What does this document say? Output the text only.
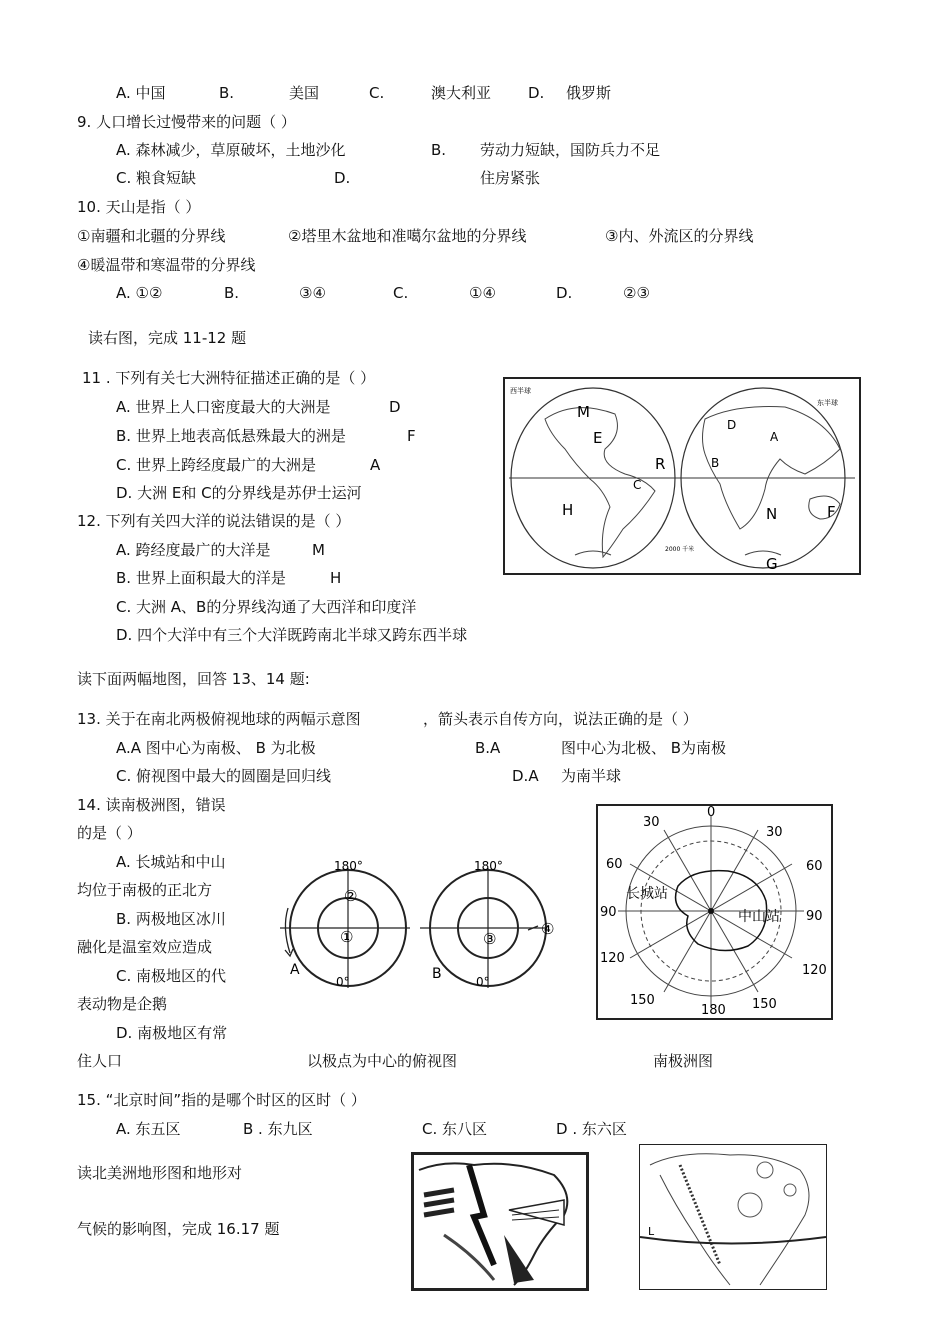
A. 中国	B.	美国	C.	澳大利亚 D. 俄罗斯
9. 人口增长过慢带来的问题（ ）
A. 森林减少，草原破坏，土地沙化	B. 劳动力短缺，国防兵力不足
C. 粮食短缺	D.	住房紧张
10. 天山是指（ ）
①南疆和北疆的分界线	②塔里木盆地和准噶尔盆地的分界线	③内、外流区的分界线
④暖温带和寒温带的分界线
A. ①②	B.	③④	C.	①④	D.	②③
读右图，完成 11-12 题
11 . 下列有关七大洲特征描述正确的是（ ）
A. 世界上人口密度最大的大洲是	D
B. 世界上地表高低悬殊最大的洲是	F
C. 世界上跨经度最广的大洲是	A
D. 大洲 E和 C的分界线是苏伊士运河
12. 下列有关四大洋的说法错误的是（ ）
A. 跨经度最广的大洋是	M
B. 世界上面积最大的洋是	H
C. 大洲 A、B的分界线沟通了大西洋和印度洋
D. 四个大洋中有三个大洋既跨南北半球又跨东西半球
西半球
东半球
2000 千米
M
E
R
C
H
D
A
B
N	F
G
读下面两幅地图，回答 13、14 题:
13. 关于在南北两极俯视地球的两幅示意图	，箭头表示自传方向，说法正确的是（ ）
A.A 图中心为南极、 B 为北极	B.A	图中心为北极、 B为南极
C. 俯视图中最大的圆圈是回归线	D.A 为南半球
14. 读南极洲图，错误
的是（ ）
A. 长城站和中山
均位于南极的正北方
B. 两极地区冰川
融化是温室效应造成
C. 南极地区的代
表动物是企鹅
D. 南极地区有常
住人口
180°
0°
②
①
A
180°
0°
③
④
B
以极点为中心的俯视图
0
30
30
60	60
90	90
120
120
150	150
180
长城站
中山站
南极洲图
15. “北京时间”指的是哪个时区的区时（ ）
A. 东五区	B . 东九区	C. 东八区	D . 东六区
读北美洲地形图和地形对
气候的影响图，完成 16.17 题	L
